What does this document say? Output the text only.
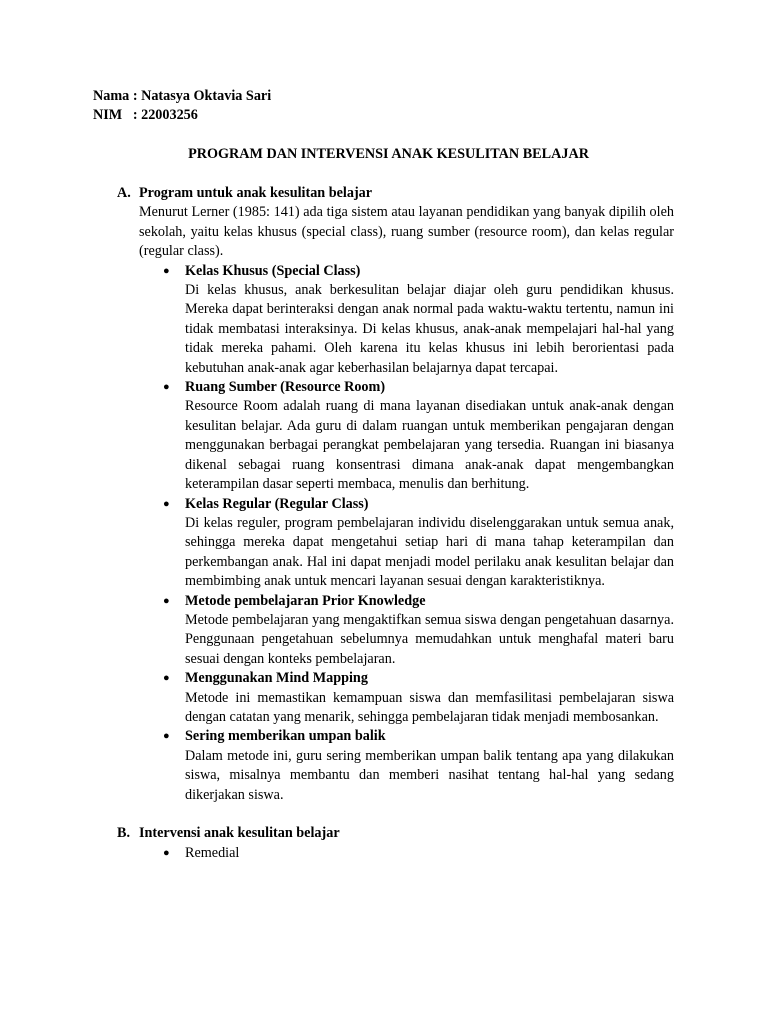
Nama : Natasya Oktavia Sari
NIM : 22003256
PROGRAM DAN INTERVENSI ANAK KESULITAN BELAJAR
A. Program untuk anak kesulitan belajar

Menurut Lerner (1985: 141) ada tiga sistem atau layanan pendidikan yang banyak dipilih oleh sekolah, yaitu kelas khusus (special class), ruang sumber (resource room), dan kelas regular (regular class).

● Kelas Khusus (Special Class)

Di kelas khusus, anak berkesulitan belajar diajar oleh guru pendidikan khusus. Mereka dapat berinteraksi dengan anak normal pada waktu-waktu tertentu, namun ini tidak membatasi interaksinya. Di kelas khusus, anak-anak mempelajari hal-hal yang tidak mereka pahami. Oleh karena itu kelas khusus ini lebih berorientasi pada kebutuhan anak-anak agar keberhasilan belajarnya dapat tercapai.

● Ruang Sumber (Resource Room)

Resource Room adalah ruang di mana layanan disediakan untuk anak-anak dengan kesulitan belajar. Ada guru di dalam ruangan untuk memberikan pengajaran dengan menggunakan berbagai perangkat pembelajaran yang tersedia. Ruangan ini biasanya dikenal sebagai ruang konsentrasi dimana anak-anak dapat mengembangkan keterampilan dasar seperti membaca, menulis dan berhitung.

● Kelas Regular (Regular Class)

Di kelas reguler, program pembelajaran individu diselenggarakan untuk semua anak, sehingga mereka dapat mengetahui setiap hari di mana tahap keterampilan dan perkembangan anak. Hal ini dapat menjadi model perilaku anak kesulitan belajar dan membimbing anak untuk mencari layanan sesuai dengan karakteristiknya.

● Metode pembelajaran Prior Knowledge

Metode pembelajaran yang mengaktifkan semua siswa dengan pengetahuan dasarnya. Penggunaan pengetahuan sebelumnya memudahkan untuk menghafal materi baru sesuai dengan konteks pembelajaran.

● Menggunakan Mind Mapping

Metode ini memastikan kemampuan siswa dan memfasilitasi pembelajaran siswa dengan catatan yang menarik, sehingga pembelajaran tidak menjadi membosankan.

● Sering memberikan umpan balik

Dalam metode ini, guru sering memberikan umpan balik tentang apa yang dilakukan siswa, misalnya membantu dan memberi nasihat tentang hal-hal yang sedang dikerjakan siswa.

B. Intervensi anak kesulitan belajar
● Remedial
